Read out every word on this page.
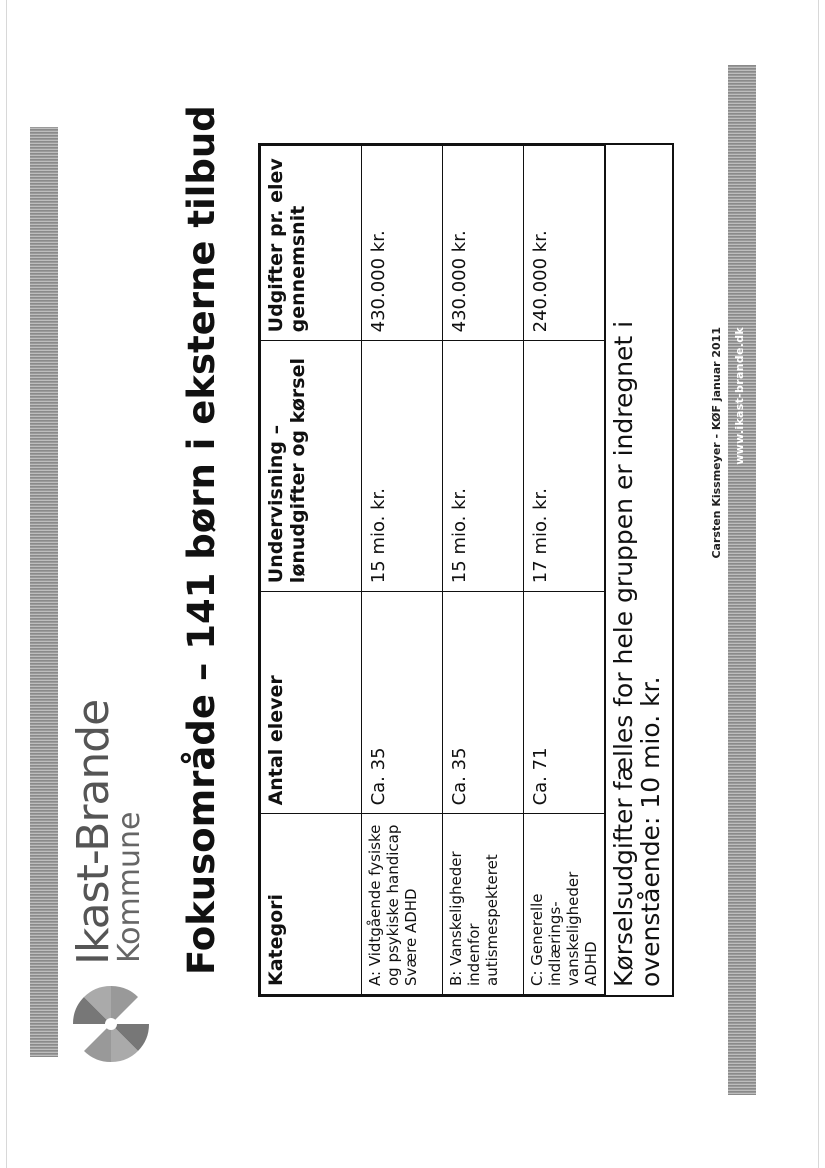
Ikast-Brande
Kommune Fokusområde – 141 børn i eksterne tilbud Kategori	Antal elever	Undervisning – lønudgifter og kørsel	Udgifter pr. elev gennemsnit
A: Vidtgående fysiske og psykiske handicap Svære ADHD	Ca. 35	15 mio. kr.	430.000 kr.
B: Vanskeligheder indenfor autismespekteret	Ca. 35	15 mio. kr.	430.000 kr.
C: Generelle indlærings-vanskeligheder ADHD	Ca. 71	17 mio. kr.	240.000 kr.
Kørselsudgifter fælles for hele gruppen er indregnet i ovenstående: 10 mio. kr.
Carsten Kissmeyer - KØF januar 2011 www.ikast-brande.dk
